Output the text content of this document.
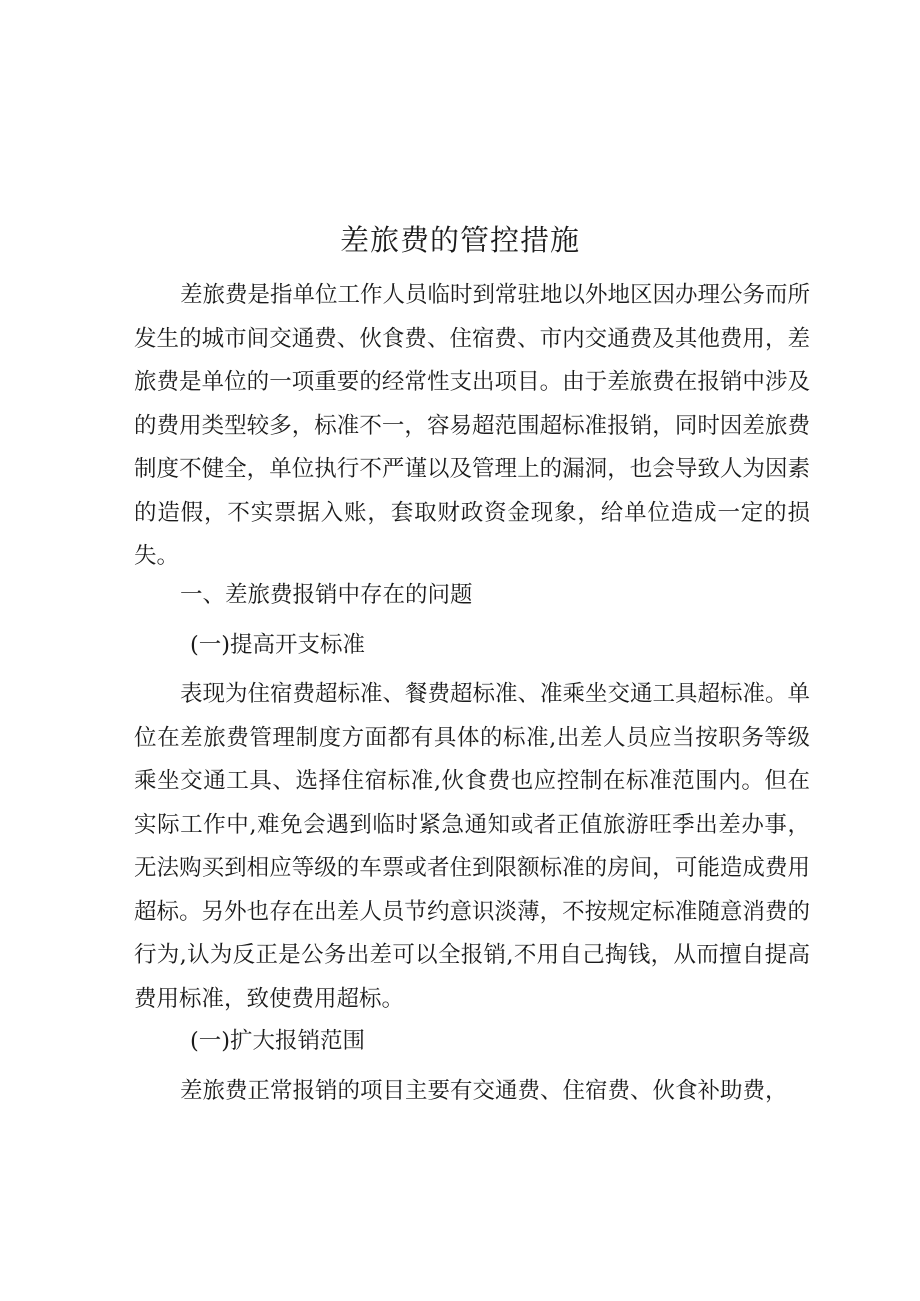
差旅费的管控措施

差旅费是指单位工作人员临时到常驻地以外地区因办理公务而所发生的城市间交通费、伙食费、住宿费、市内交通费及其他费用，差旅费是单位的一项重要的经常性支出项目。由于差旅费在报销中涉及的费用类型较多，标准不一，容易超范围超标准报销，同时因差旅费制度不健全，单位执行不严谨以及管理上的漏洞，也会导致人为因素的造假，不实票据入账，套取财政资金现象，给单位造成一定的损失。

一、差旅费报销中存在的问题

(一)提高开支标准

表现为住宿费超标准、餐费超标准、准乘坐交通工具超标准。单位在差旅费管理制度方面都有具体的标准,出差人员应当按职务等级乘坐交通工具、选择住宿标准,伙食费也应控制在标准范围内。但在实际工作中,难免会遇到临时紧急通知或者正值旅游旺季出差办事，无法购买到相应等级的车票或者住到限额标准的房间，可能造成费用超标。另外也存在出差人员节约意识淡薄，不按规定标准随意消费的行为,认为反正是公务出差可以全报销,不用自己掏钱，从而擅自提高费用标准，致使费用超标。

(一)扩大报销范围

差旅费正常报销的项目主要有交通费、住宿费、伙食补助费，
